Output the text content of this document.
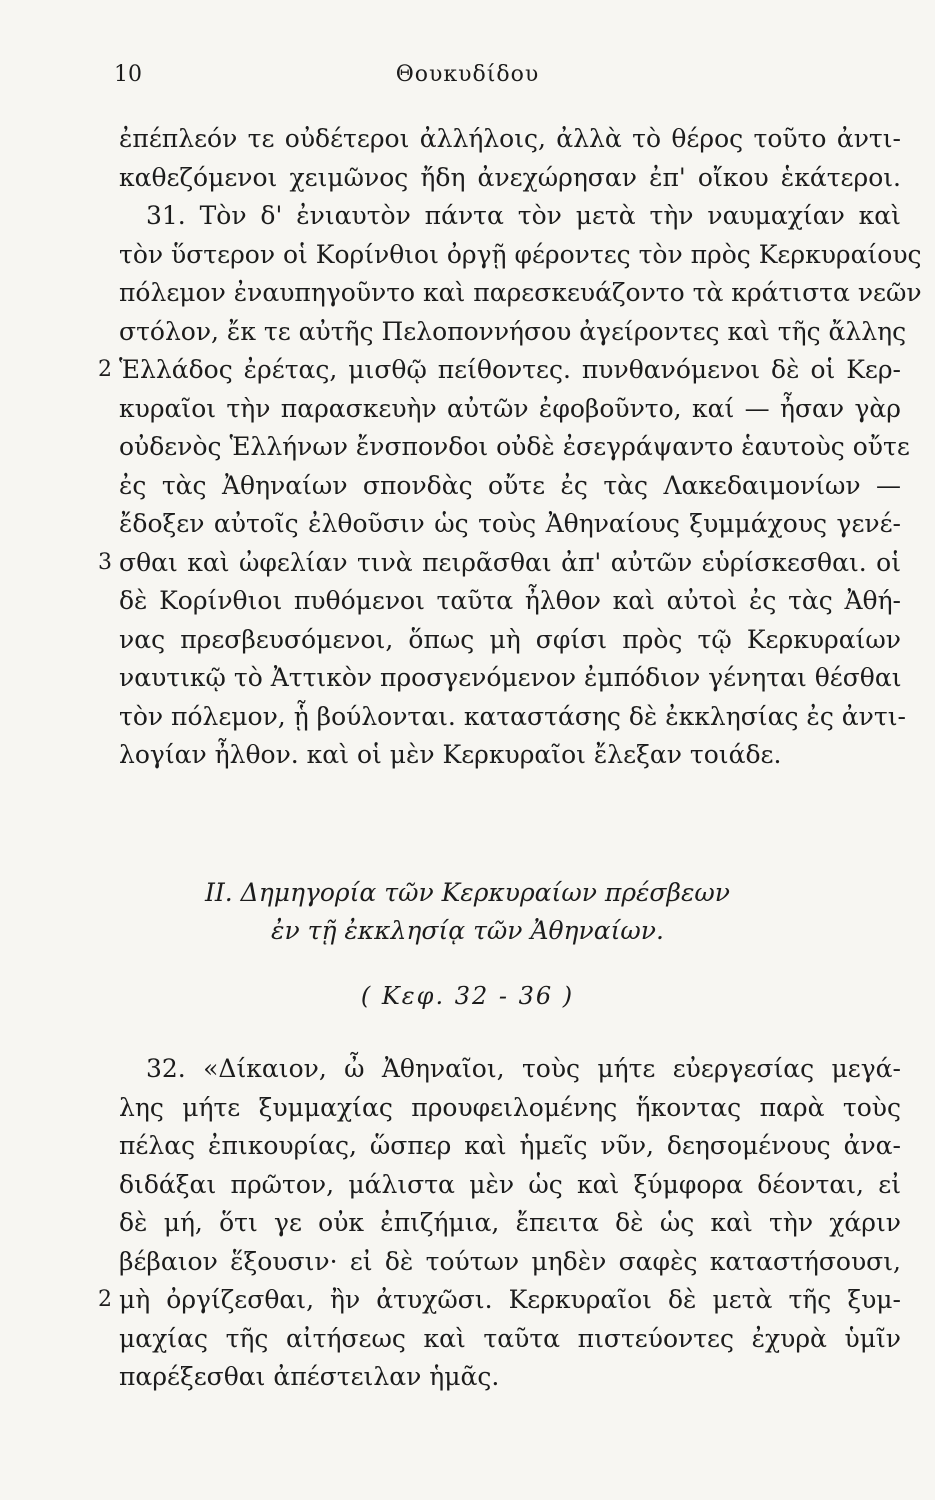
10	Θουκυδίδου
ἐπέπλεόν τε οὐδέτεροι ἀλλήλοις, ἀλλὰ τὸ θέρος τοῦτο ἀντι-
καθεζόμενοι χειμῶνος ἤδη ἀνεχώρησαν ἐπ' οἴκου ἑκάτεροι.
31. Τὸν δ' ἐνιαυτὸν πάντα τὸν μετὰ τὴν ναυμαχίαν καὶ
τὸν ὕστερον οἱ Κορίνθιοι ὀργῇ φέροντες τὸν πρὸς Κερκυραίους
πόλεμον ἐναυπηγοῦντο καὶ παρεσκευάζοντο τὰ κράτιστα νεῶν
στόλον, ἔκ τε αὐτῆς Πελοποννήσου ἀγείροντες καὶ τῆς ἄλλης
2 Ἑλλάδος ἐρέτας, μισθῷ πείθοντες. πυνθανόμενοι δὲ οἱ Κερ-
κυραῖοι τὴν παρασκευὴν αὐτῶν ἐφοβοῦντο, καί — ἦσαν γὰρ
οὐδενὸς Ἑλλήνων ἔνσπονδοι οὐδὲ ἐσεγράψαντο ἑαυτοὺς οὔτε
ἐς τὰς Ἀθηναίων σπονδὰς οὔτε ἐς τὰς Λακεδαιμονίων —
ἔδοξεν αὐτοῖς ἐλθοῦσιν ὡς τοὺς Ἀθηναίους ξυμμάχους γενέ-
3 σθαι καὶ ὠφελίαν τινὰ πειρᾶσθαι ἀπ' αὐτῶν εὑρίσκεσθαι. οἱ
δὲ Κορίνθιοι πυθόμενοι ταῦτα ἦλθον καὶ αὐτοὶ ἐς τὰς Ἀθή-
νας πρεσβευσόμενοι, ὅπως μὴ σφίσι πρὸς τῷ Κερκυραίων
ναυτικῷ τὸ Ἀττικὸν προσγενόμενον ἐμπόδιον γένηται θέσθαι
τὸν πόλεμον, ᾗ βούλονται. καταστάσης δὲ ἐκκλησίας ἐς ἀντι-
λογίαν ἦλθον. καὶ οἱ μὲν Κερκυραῖοι ἔλεξαν τοιάδε.
II. Δημηγορία τῶν Κερκυραίων πρέσβεων
ἐν τῇ ἐκκλησίᾳ τῶν Ἀθηναίων.
( Κεφ. 32 - 36 )
32. «Δίκαιον, ὦ Ἀθηναῖοι, τοὺς μήτε εὐεργεσίας μεγά-
λης μήτε ξυμμαχίας προυφειλομένης ἥκοντας παρὰ τοὺς
πέλας ἐπικουρίας, ὥσπερ καὶ ἡμεῖς νῦν, δεησομένους ἀνα-
διδάξαι πρῶτον, μάλιστα μὲν ὡς καὶ ξύμφορα δέονται, εἰ
δὲ μή, ὅτι γε οὐκ ἐπιζήμια, ἔπειτα δὲ ὡς καὶ τὴν χάριν
βέβαιον ἕξουσιν· εἰ δὲ τούτων μηδὲν σαφὲς καταστήσουσι,
2 μὴ ὀργίζεσθαι, ἢν ἀτυχῶσι. Κερκυραῖοι δὲ μετὰ τῆς ξυμ-
μαχίας τῆς αἰτήσεως καὶ ταῦτα πιστεύοντες ἐχυρὰ ὑμῖν
παρέξεσθαι ἀπέστειλαν ἡμᾶς.
